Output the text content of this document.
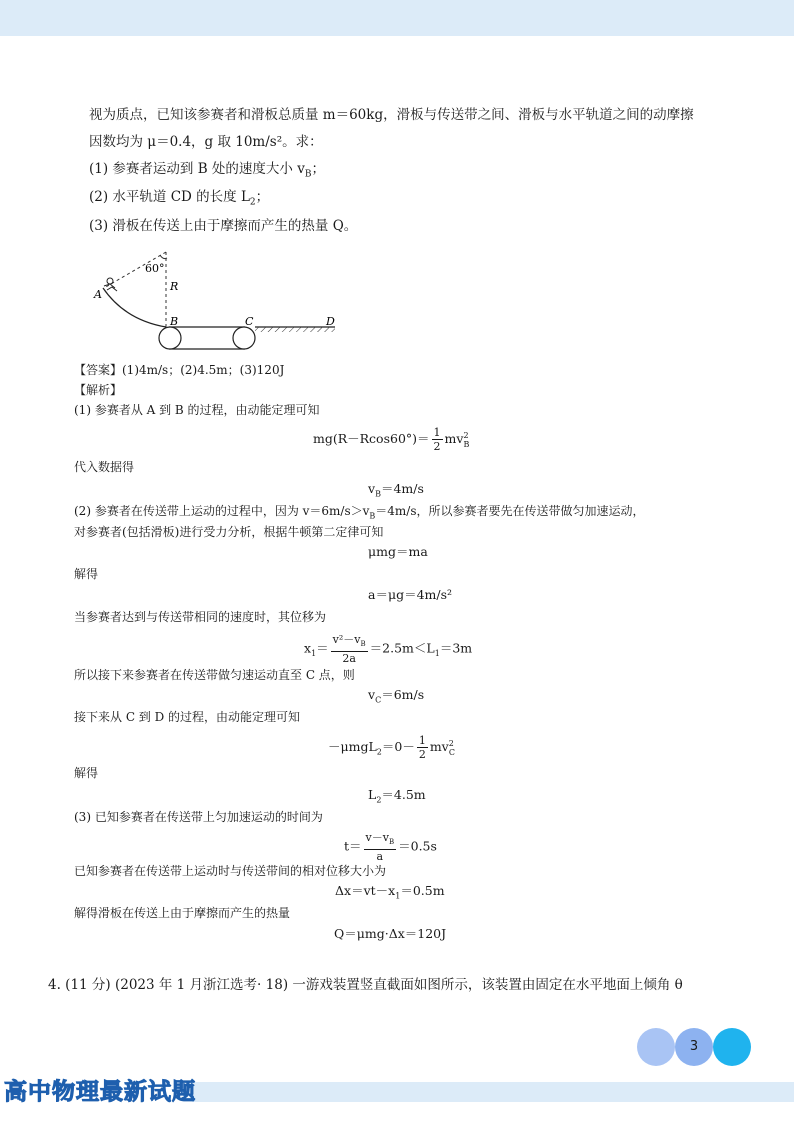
视为质点，已知该参赛者和滑板总质量 m＝60kg，滑板与传送带之间、滑板与水平轨道之间的动摩擦
因数均为 μ＝0.4，g 取 10m/s²。求：
(1) 参赛者运动到 B 处的速度大小 $v_B$；
(2) 水平轨道 CD 的长度 $L_2$；
(3) 滑板在传送上由于摩擦而产生的热量 Q。
60°
R
A
B	C	D
【答案】(1)4m/s；(2)4.5m；(3)120J
【解析】
(1) 参赛者从 A 到 B 的过程，由动能定理可知
$mg(R-Rcos60^\circ)= \frac{1}{2} mv^2_B$
代入数据得
$v_B=4m/s$
(2) 参赛者在传送带上运动的过程中，因为 $v=6m/s>v_B=4m/s$，所以参赛者要先在传送带做匀加速运动，
对参赛者(包括滑板)进行受力分析，根据牛顿第二定律可知
μmg＝ma
解得
a＝μg＝4m/s²
当参赛者达到与传送带相同的速度时，其位移为
$x_1= \frac{v^2-v_B}{2a} =2.5m<L_1=3m$
所以接下来参赛者在传送带做匀速运动直至 C 点，则
$v_C=6m/s$
接下来从 C 到 D 的过程，由动能定理可知
$-\mu mgL_2=0- \frac{1}{2} mv^2_C$
解得
$L_2=4.5m$
(3) 已知参赛者在传送带上匀加速运动的时间为
$t= \frac{v-v_B}{a} =0.5s$
已知参赛者在传送带上运动时与传送带间的相对位移大小为
$\Delta x=vt-x_1=0.5m$
解得滑板在传送上由于摩擦而产生的热量
Q＝μmg·Δx＝120J
4. (11 分) (2023 年 1 月浙江选考· 18) 一游戏装置竖直截面如图所示，该装置由固定在水平地面上倾角 θ
3
高中物理最新试题
